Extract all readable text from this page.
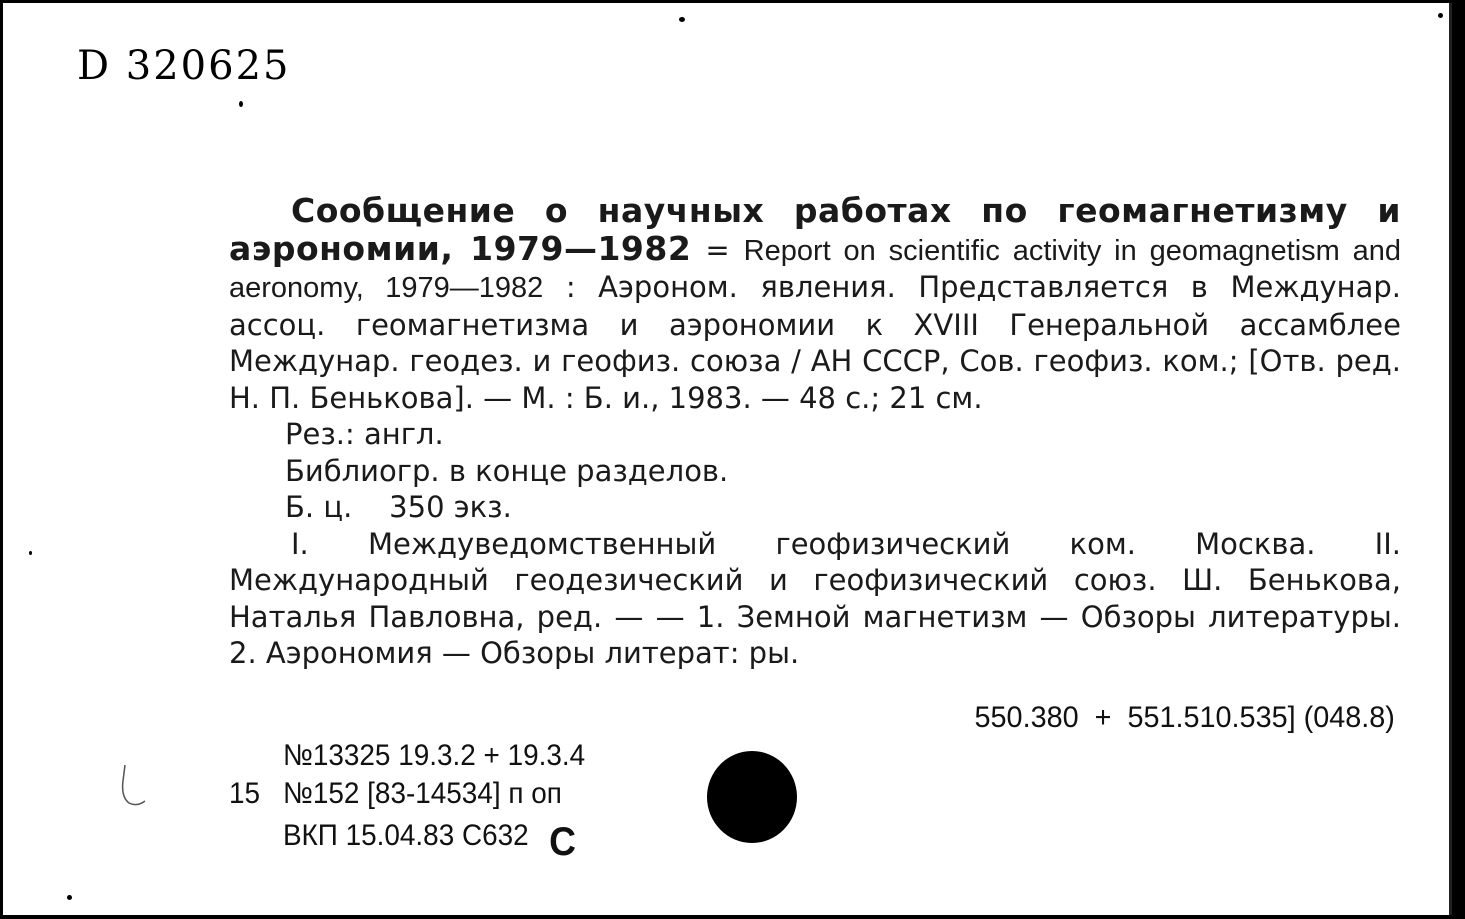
D 320625

Сообщение о научных работах по геомагнетизму и аэрономии, 1979—1982 = Report on scientific activity in geomagnetism and aeronomy, 1979—1982 : Аэроном. явления. Представляется в Междунар. ассоц. геомагнетизма и аэрономии к XVIII Генеральной ассамблее Междунар. геодез. и геофиз. союза / АН СССР, Сов. геофиз. ком.; [Отв. ред. Н. П. Бенькова]. — М. : Б. и., 1983. — 48 с.; 21 см.

Рез.: англ.

Библиогр. в конце разделов.

Б. ц.    350 экз.

I. Междуведомственный геофизический ком. Москва. II. Международный геодезический и геофизический союз. Ш. Бенькова, Наталья Павловна, ред. — — 1. Земной магнетизм — Обзоры литературы. 2. Аэрономия — Обзоры литерат: ры.

550.380  +  551.510.535] (048.8)
№13325 19.3.2 + 19.3.4
15 №152 [83-14534] п оп
ВКП 15.04.83 С632 С
